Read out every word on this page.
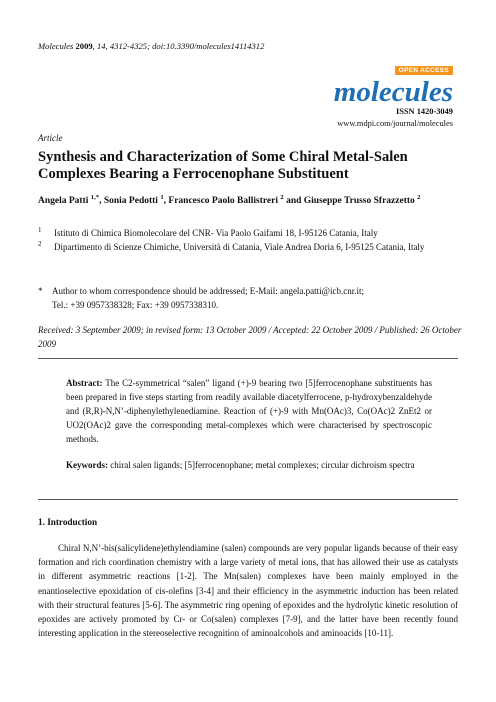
Molecules 2009, 14, 4312-4325; doi:10.3390/molecules14114312
OPEN ACCESS
molecules
ISSN 1420-3049
www.mdpi.com/journal/molecules
Article
Synthesis and Characterization of Some Chiral Metal-Salen Complexes Bearing a Ferrocenophane Substituent
Angela Patti $^{1,*}$, Sonia Pedotti $^1$, Francesco Paolo Ballistreri $^2$ and Giuseppe Trusso Sfrazzetto $^2$
1 Istituto di Chimica Biomolecolare del CNR- Via Paolo Gaifami 18, I-95126 Catania, Italy
2 Dipartimento di Scienze Chimiche, Università di Catania, Viale Andrea Doria 6, I-95125 Catania, Italy
* Author to whom correspondence should be addressed; E-Mail: angela.patti@icb.cnr.it;
Tel.: +39 0957338328; Fax: +39 0957338310.
Received: 3 September 2009; in revised form: 13 October 2009 / Accepted: 22 October 2009 / Published: 26 October 2009
Abstract: The C2-symmetrical “salen” ligand (+)-9 bearing two [5]ferrocenophane substituents has been prepared in five steps starting from readily available diacetylferrocene, p-hydroxybenzaldehyde and (R,R)-N,N’-diphenylethylenediamine. Reaction of (+)-9 with Mn(OAc)3, Co(OAc)2 ZnEt2 or UO2(OAc)2 gave the corresponding metal-complexes which were characterised by spectroscopic methods.
Keywords: chiral salen ligands; [5]ferrocenophane; metal complexes; circular dichroism spectra
1. Introduction
Chiral N,N’-bis(salicylidene)ethylendiamine (salen) compounds are very popular ligands because of their easy formation and rich coordination chemistry with a large variety of metal ions, that has allowed their use as catalysts in different asymmetric reactions [1-2]. The Mn(salen) complexes have been mainly employed in the enantioselective epoxidation of cis-olefins [3-4] and their efficiency in the asymmetric induction has been related with their structural features [5-6]. The asymmetric ring opening of epoxides and the hydrolytic kinetic resolution of epoxides are actively promoted by Cr- or Co(salen) complexes [7-9], and the latter have been recently found interesting application in the stereoselective recognition of aminoalcohols and aminoacids [10-11].
